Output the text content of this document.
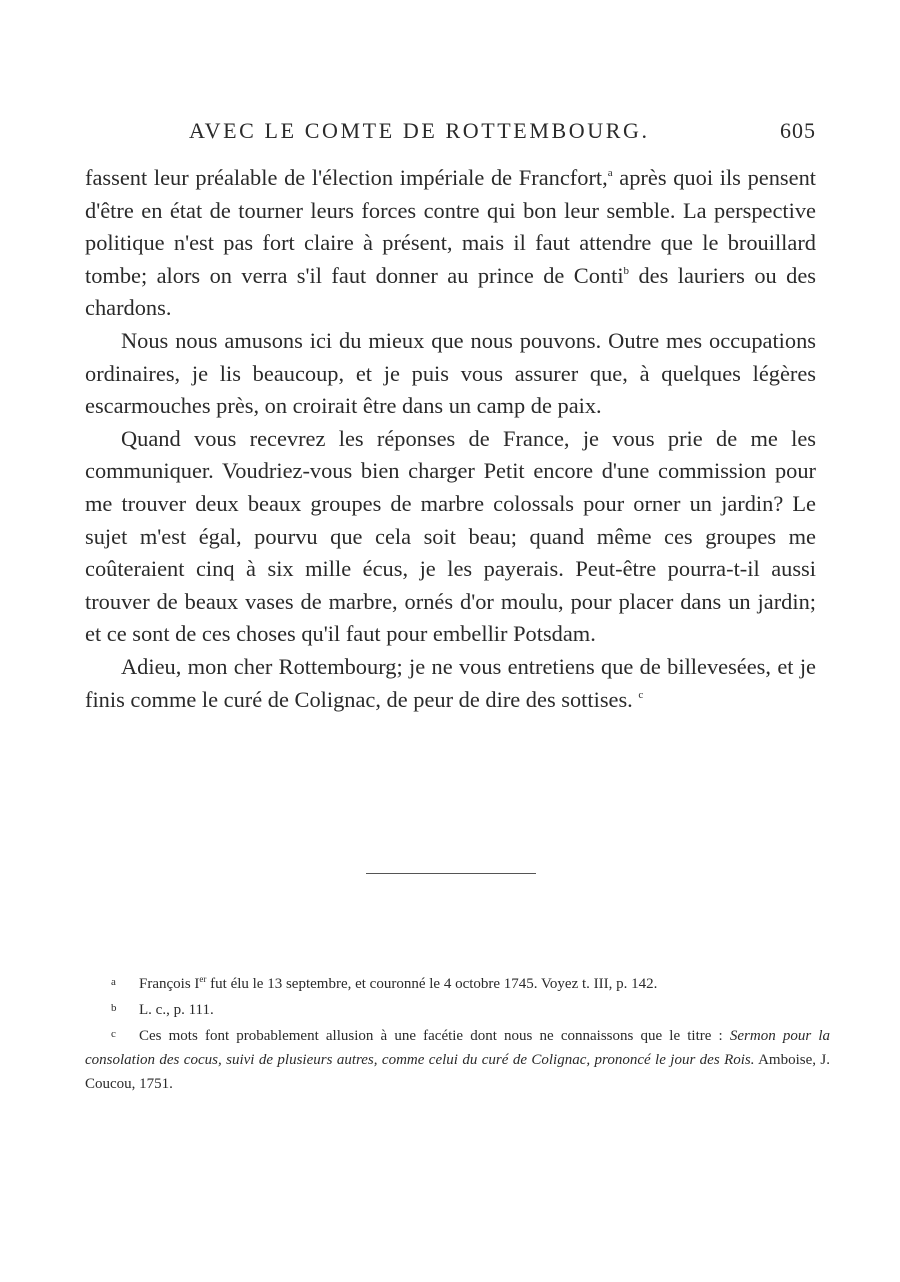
AVEC LE COMTE DE ROTTEMBOURG.	605

fassent leur préalable de l'élection impériale de Francfort,$^a$ après quoi ils pensent d'être en état de tourner leurs forces contre qui bon leur semble. La perspective politique n'est pas fort claire à présent, mais il faut attendre que le brouillard tombe; alors on verra s'il faut donner au prince de Conti$^b$ des lauriers ou des chardons.

Nous nous amusons ici du mieux que nous pouvons. Outre mes occupations ordinaires, je lis beaucoup, et je puis vous assurer que, à quelques légères escarmouches près, on croirait être dans un camp de paix.

Quand vous recevrez les réponses de France, je vous prie de me les communiquer. Voudriez-vous bien charger Petit encore d'une commission pour me trouver deux beaux groupes de marbre colossals pour orner un jardin? Le sujet m'est égal, pourvu que cela soit beau; quand même ces groupes me coûteraient cinq à six mille écus, je les payerais. Peut-être pourra-t-il aussi trouver de beaux vases de marbre, ornés d'or moulu, pour placer dans un jardin; et ce sont de ces choses qu'il faut pour embellir Potsdam.

Adieu, mon cher Rottembourg; je ne vous entretiens que de billevesées, et je finis comme le curé de Colignac, de peur de dire des sottises. $^c$

a François Ier fut élu le 13 septembre, et couronné le 4 octobre 1745. Voyez t. III, p. 142.

b L. c., p. 111.

c Ces mots font probablement allusion à une facétie dont nous ne connaissons que le titre : Sermon pour la consolation des cocus, suivi de plusieurs autres, comme celui du curé de Colignac, prononcé le jour des Rois. Amboise, J. Coucou, 1751.
